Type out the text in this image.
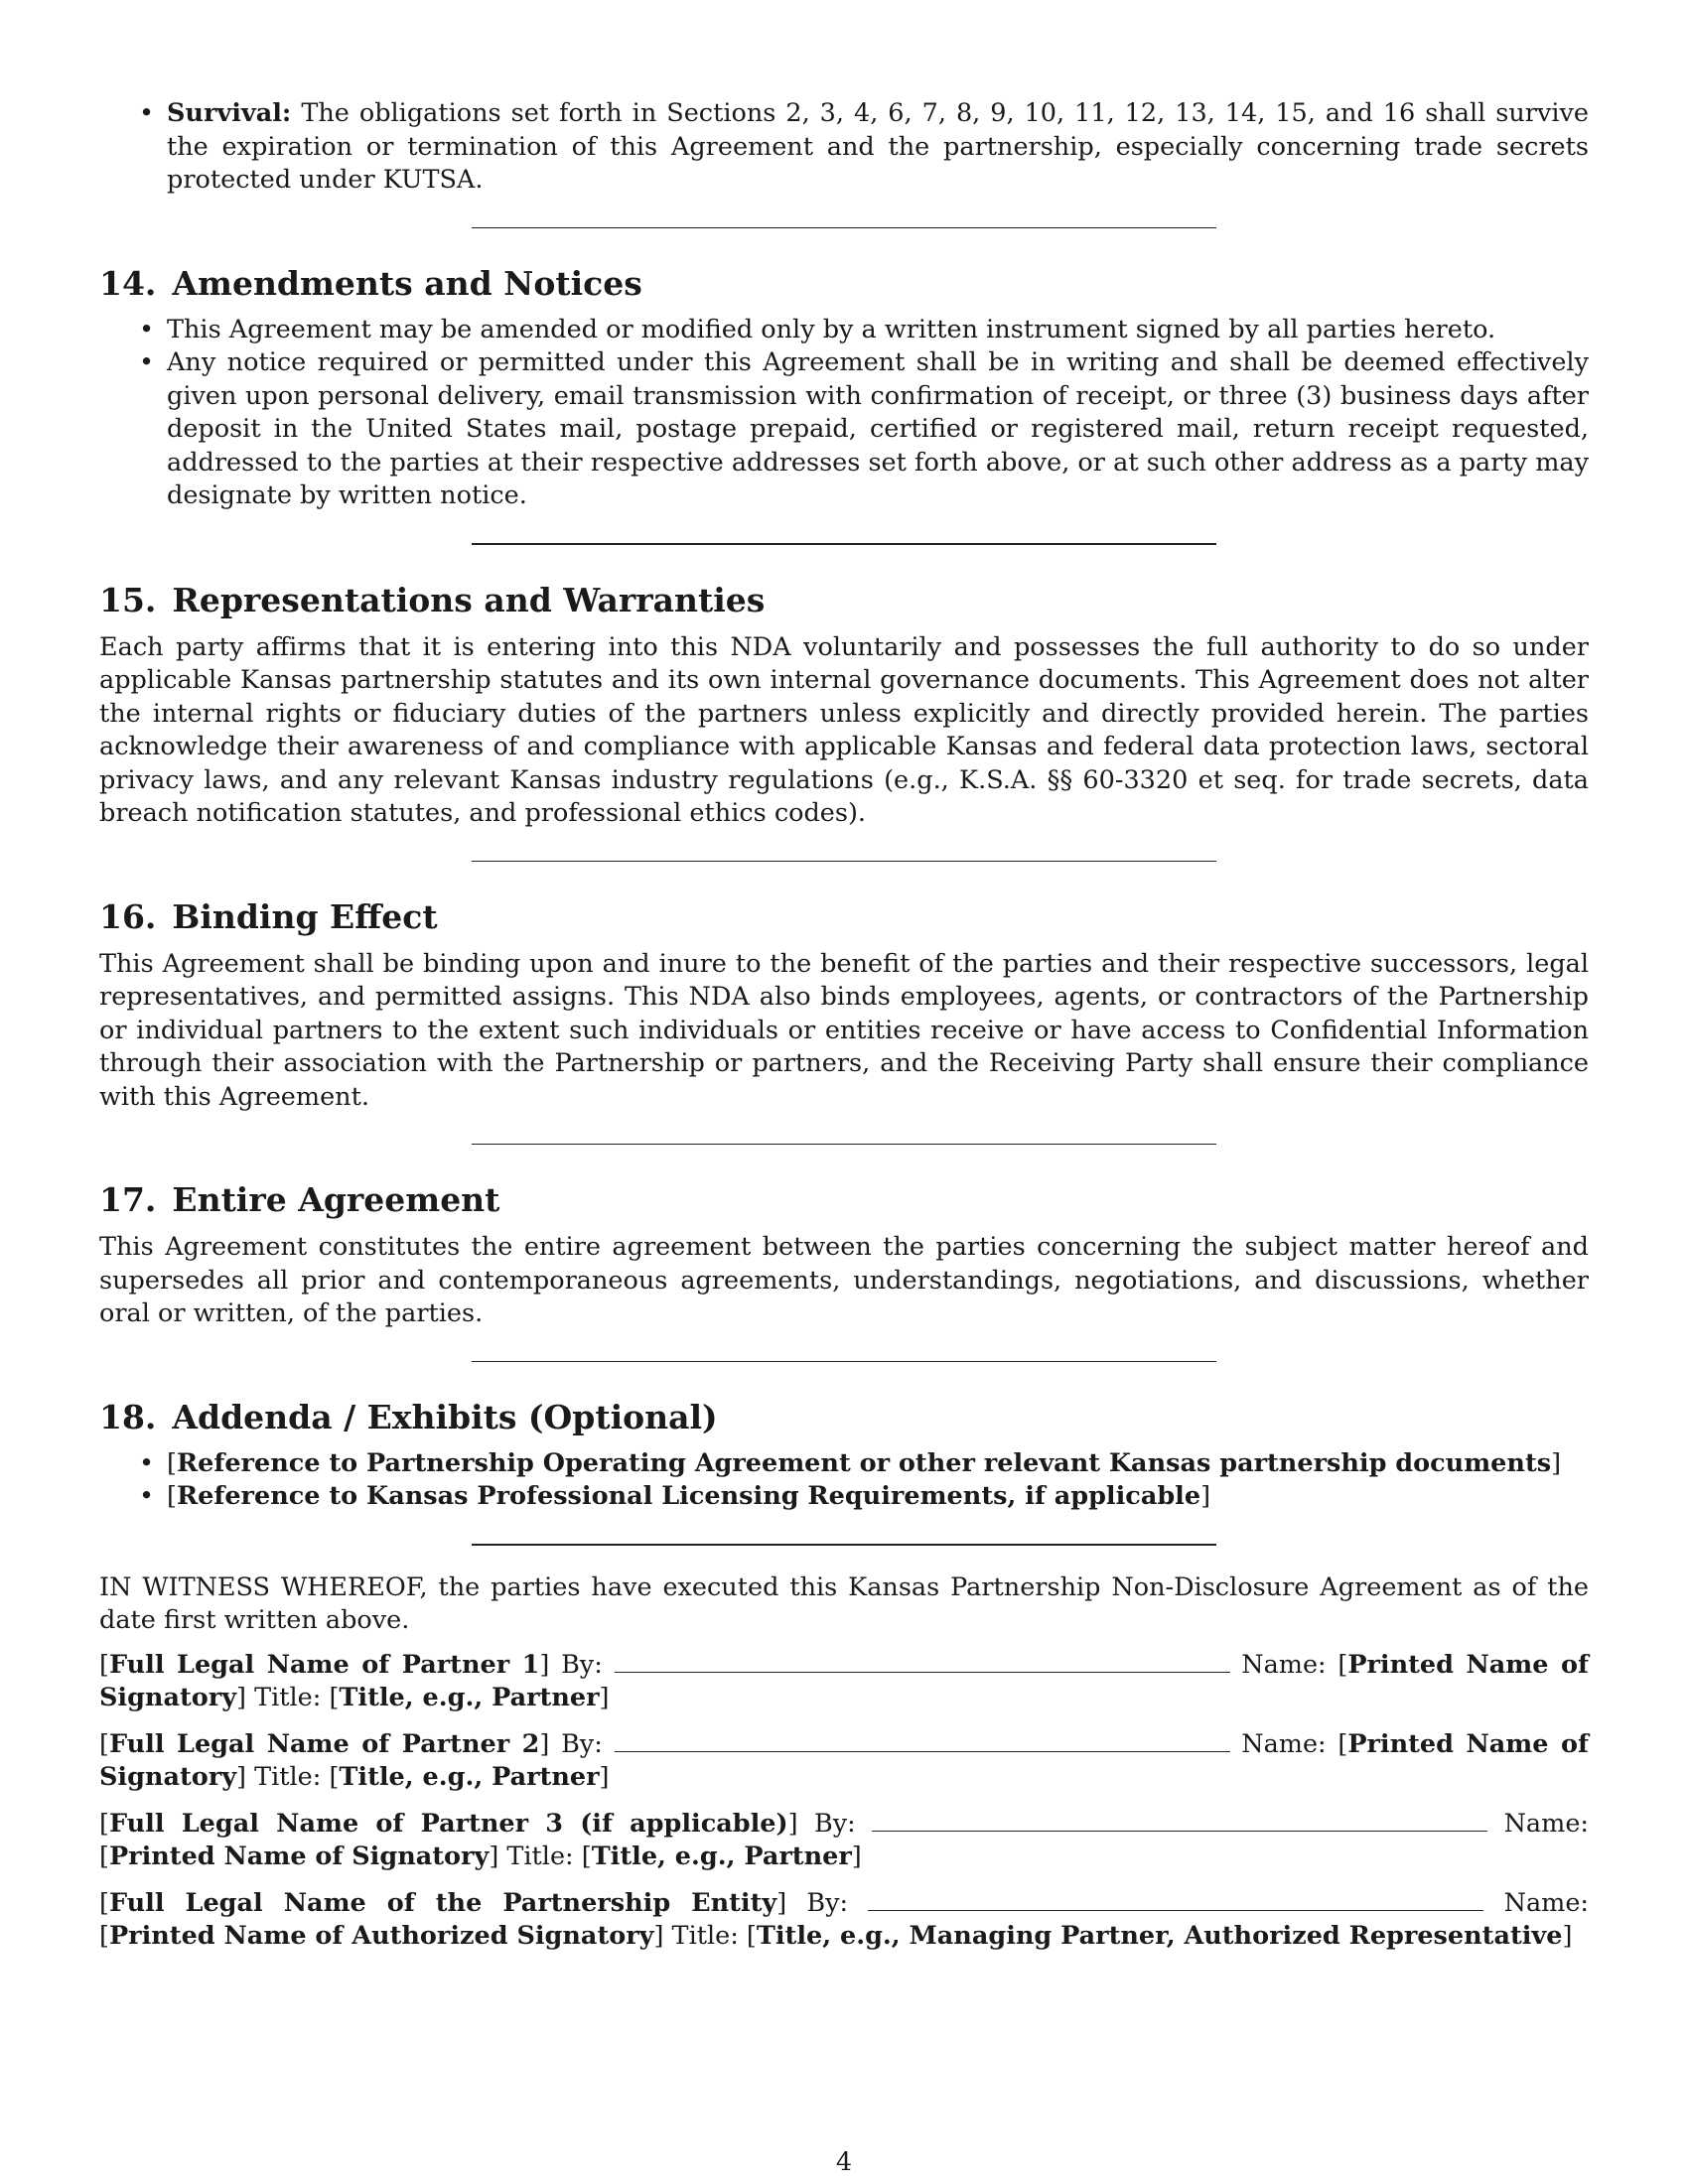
• Survival: The obligations set forth in Sections 2, 3, 4, 6, 7, 8, 9, 10, 11, 12, 13, 14, 15, and 16 shall survive the expiration or termination of this Agreement and the partnership, especially concerning trade secrets protected under KUTSA.
14. Amendments and Notices
• This Agreement may be amended or modified only by a written instrument signed by all parties hereto.
• Any notice required or permitted under this Agreement shall be in writing and shall be deemed effectively given upon personal delivery, email transmission with confirmation of receipt, or three (3) business days after deposit in the United States mail, postage prepaid, certified or registered mail, return receipt requested, addressed to the parties at their respective addresses set forth above, or at such other address as a party may designate by written notice.
15. Representations and Warranties

Each party affirms that it is entering into this NDA voluntarily and possesses the full authority to do so under applicable Kansas partnership statutes and its own internal governance documents. This Agreement does not alter the internal rights or fiduciary duties of the partners unless explicitly and directly provided herein. The parties acknowledge their awareness of and compliance with applicable Kansas and federal data protection laws, sectoral privacy laws, and any relevant Kansas industry regulations (e.g., K.S.A. §§ 60-3320 et seq. for trade secrets, data breach notification statutes, and professional ethics codes).

16. Binding Effect

This Agreement shall be binding upon and inure to the benefit of the parties and their respective successors, legal representatives, and permitted assigns. This NDA also binds employees, agents, or contractors of the Partnership or individual partners to the extent such individuals or entities receive or have access to Confidential Information through their association with the Partnership or partners, and the Receiving Party shall ensure their compliance with this Agreement.

17. Entire Agreement

This Agreement constitutes the entire agreement between the parties concerning the subject matter hereof and supersedes all prior and contemporaneous agreements, understandings, negotiations, and discussions, whether oral or written, of the parties.

18. Addenda / Exhibits (Optional)
• [Reference to Partnership Operating Agreement or other relevant Kansas partnership documents]
• [Reference to Kansas Professional Licensing Requirements, if applicable]

IN WITNESS WHEREOF, the parties have executed this Kansas Partnership Non-Disclosure Agreement as of the date first written above.

[Full Legal Name of Partner 1] By:	Name: [Printed Name of Signatory] Title: [Title, e.g., Partner]

[Full Legal Name of Partner 2] By:	Name: [Printed Name of Signatory] Title: [Title, e.g., Partner]

[Full Legal Name of Partner 3 (if applicable)] By:	Name: [Printed Name of Signatory] Title: [Title, e.g., Partner]

[Full Legal Name of the Partnership Entity] By:	Name: [Printed Name of Authorized Signatory] Title: [Title, e.g., Managing Partner, Authorized Representative]

4
